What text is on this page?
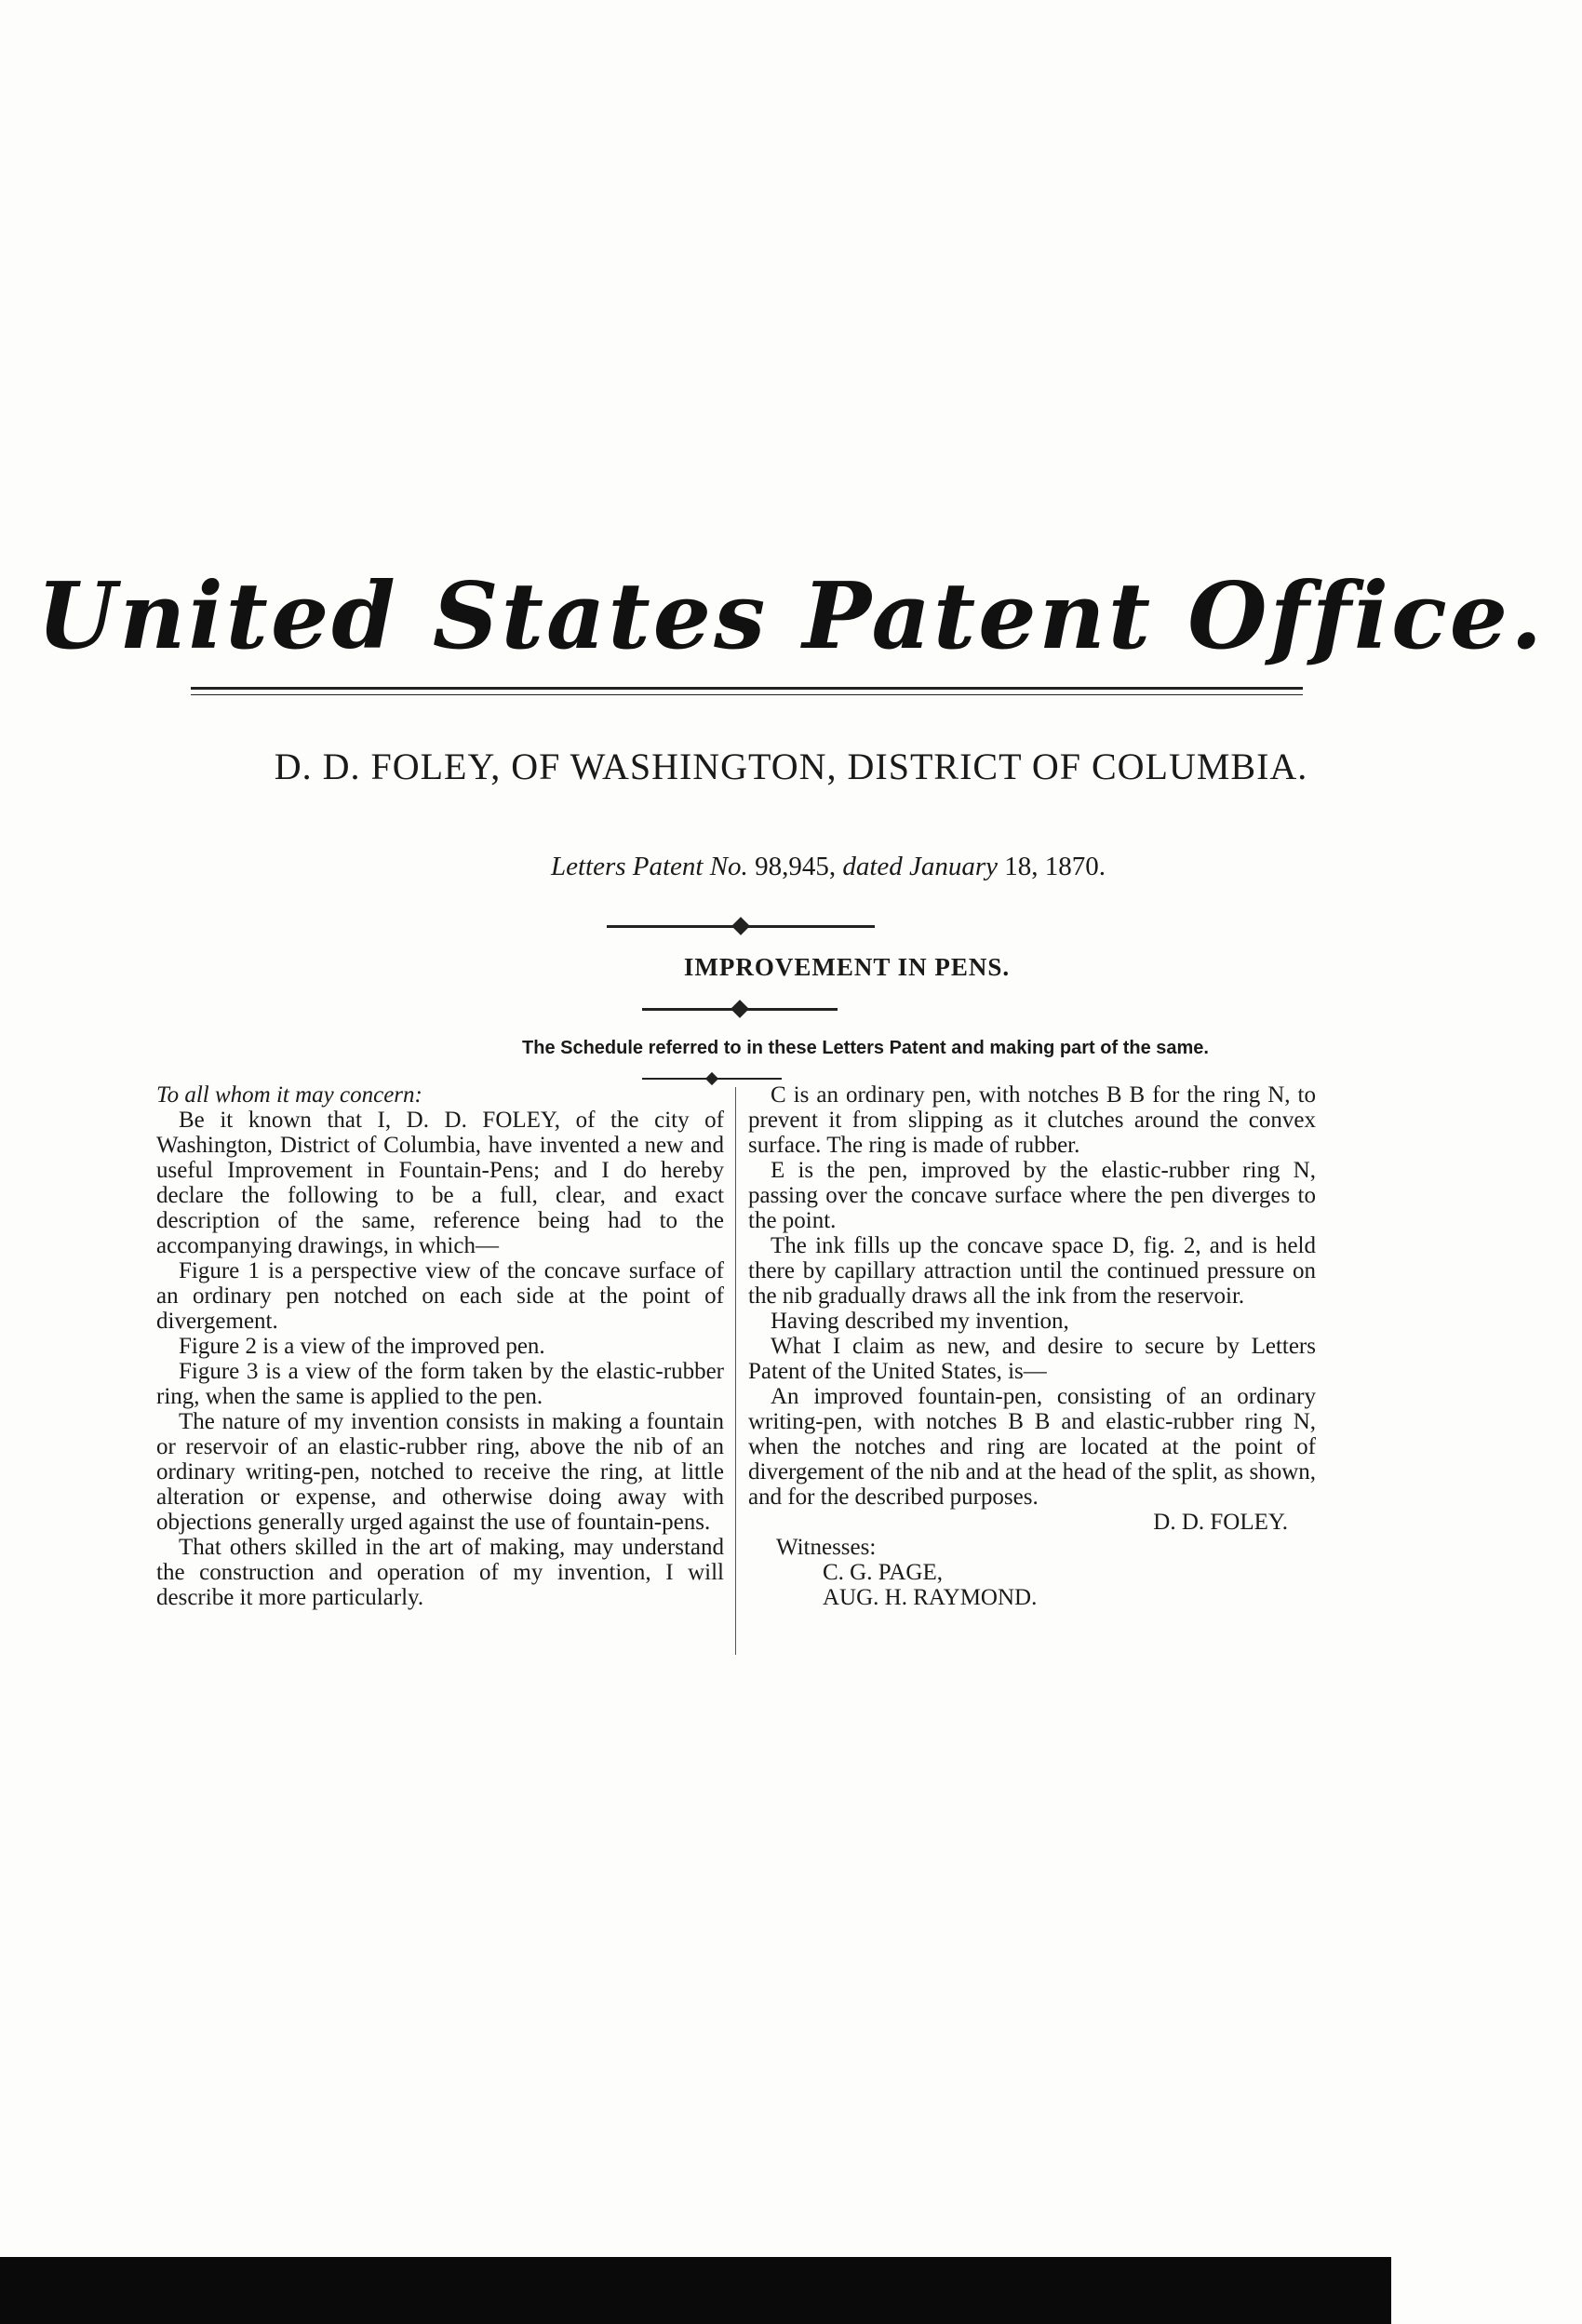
United States Patent Office.
D. D. FOLEY, OF WASHINGTON, DISTRICT OF COLUMBIA.
Letters Patent No. 98,945, dated January 18, 1870.
IMPROVEMENT IN PENS.
The Schedule referred to in these Letters Patent and making part of the same.

To all whom it may concern:

Be it known that I, D. D. FOLEY, of the city of Washington, District of Columbia, have invented a new and useful Improvement in Fountain-Pens; and I do hereby declare the following to be a full, clear, and exact description of the same, reference being had to the accompanying drawings, in which—

Figure 1 is a perspective view of the concave surface of an ordinary pen notched on each side at the point of divergement.

Figure 2 is a view of the improved pen.

Figure 3 is a view of the form taken by the elastic-rubber ring, when the same is applied to the pen.

The nature of my invention consists in making a fountain or reservoir of an elastic-rubber ring, above the nib of an ordinary writing-pen, notched to receive the ring, at little alteration or expense, and otherwise doing away with objections generally urged against the use of fountain-pens.

That others skilled in the art of making, may understand the construction and operation of my invention, I will describe it more particularly.

C is an ordinary pen, with notches B B for the ring N, to prevent it from slipping as it clutches around the convex surface. The ring is made of rubber.

E is the pen, improved by the elastic-rubber ring N, passing over the concave surface where the pen diverges to the point.

The ink fills up the concave space D, fig. 2, and is held there by capillary attraction until the continued pressure on the nib gradually draws all the ink from the reservoir.

Having described my invention,

What I claim as new, and desire to secure by Letters Patent of the United States, is—

An improved fountain-pen, consisting of an ordinary writing-pen, with notches B B and elastic-rubber ring N, when the notches and ring are located at the point of divergement of the nib and at the head of the split, as shown, and for the described purposes.

D. D. FOLEY.

Witnesses:

C. G. PAGE,

AUG. H. RAYMOND.
